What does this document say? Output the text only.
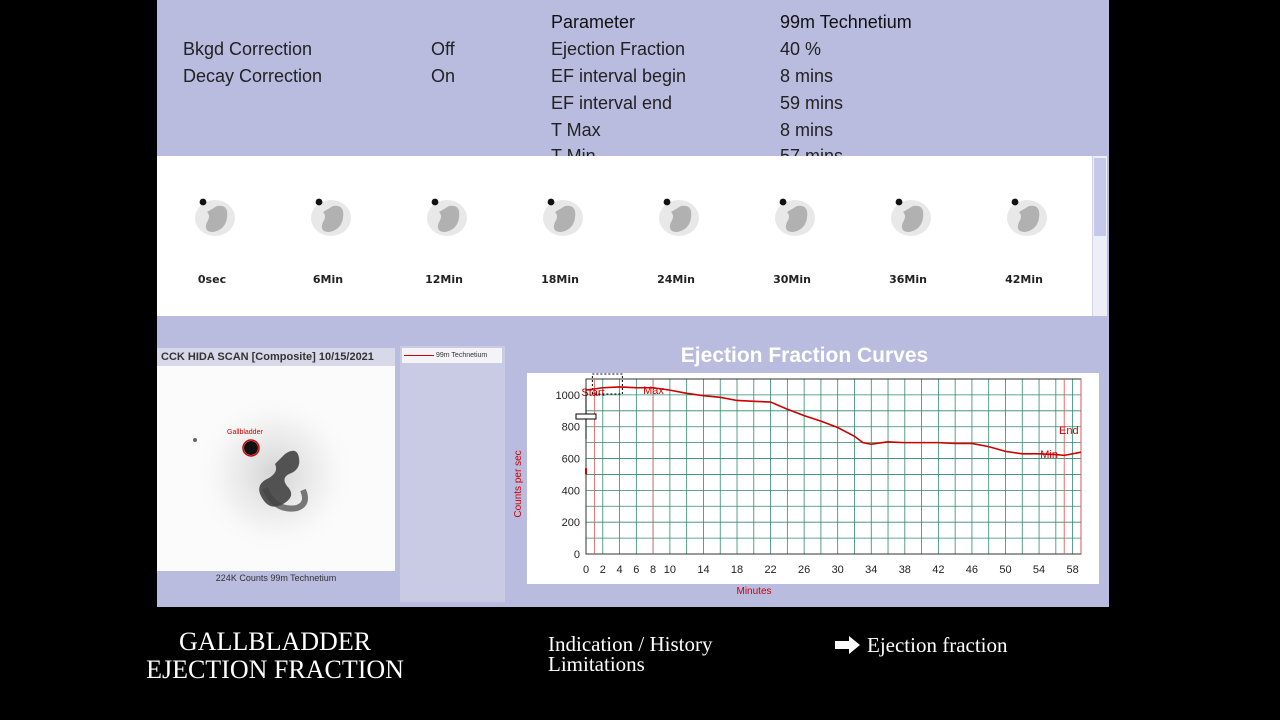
Bkgd Correction	Off
Decay Correction	On
Parameter	99m Technetium
Ejection Fraction	40 %
EF interval begin	8 mins
EF interval end	59 mins
T Max	8 mins
0sec	6Min	12Min	18Min	24Min	30Min	36Min	42Min
CCK HIDA SCAN [Composite] 10/15/2021
Gallbladder
224K Counts 99m Technetium
99m Technetium	Ejection Fraction Curves
0
200
400
600
800
1000
0 2 4 6 8 10 14 18 22 26 30 34 38 42 46 50 54 58
Minutes
Counts per sec
Start	Max
End
Min
GALLBLADDER
EJECTION FRACTION
Indication / History
Limitations
Ejection fraction
